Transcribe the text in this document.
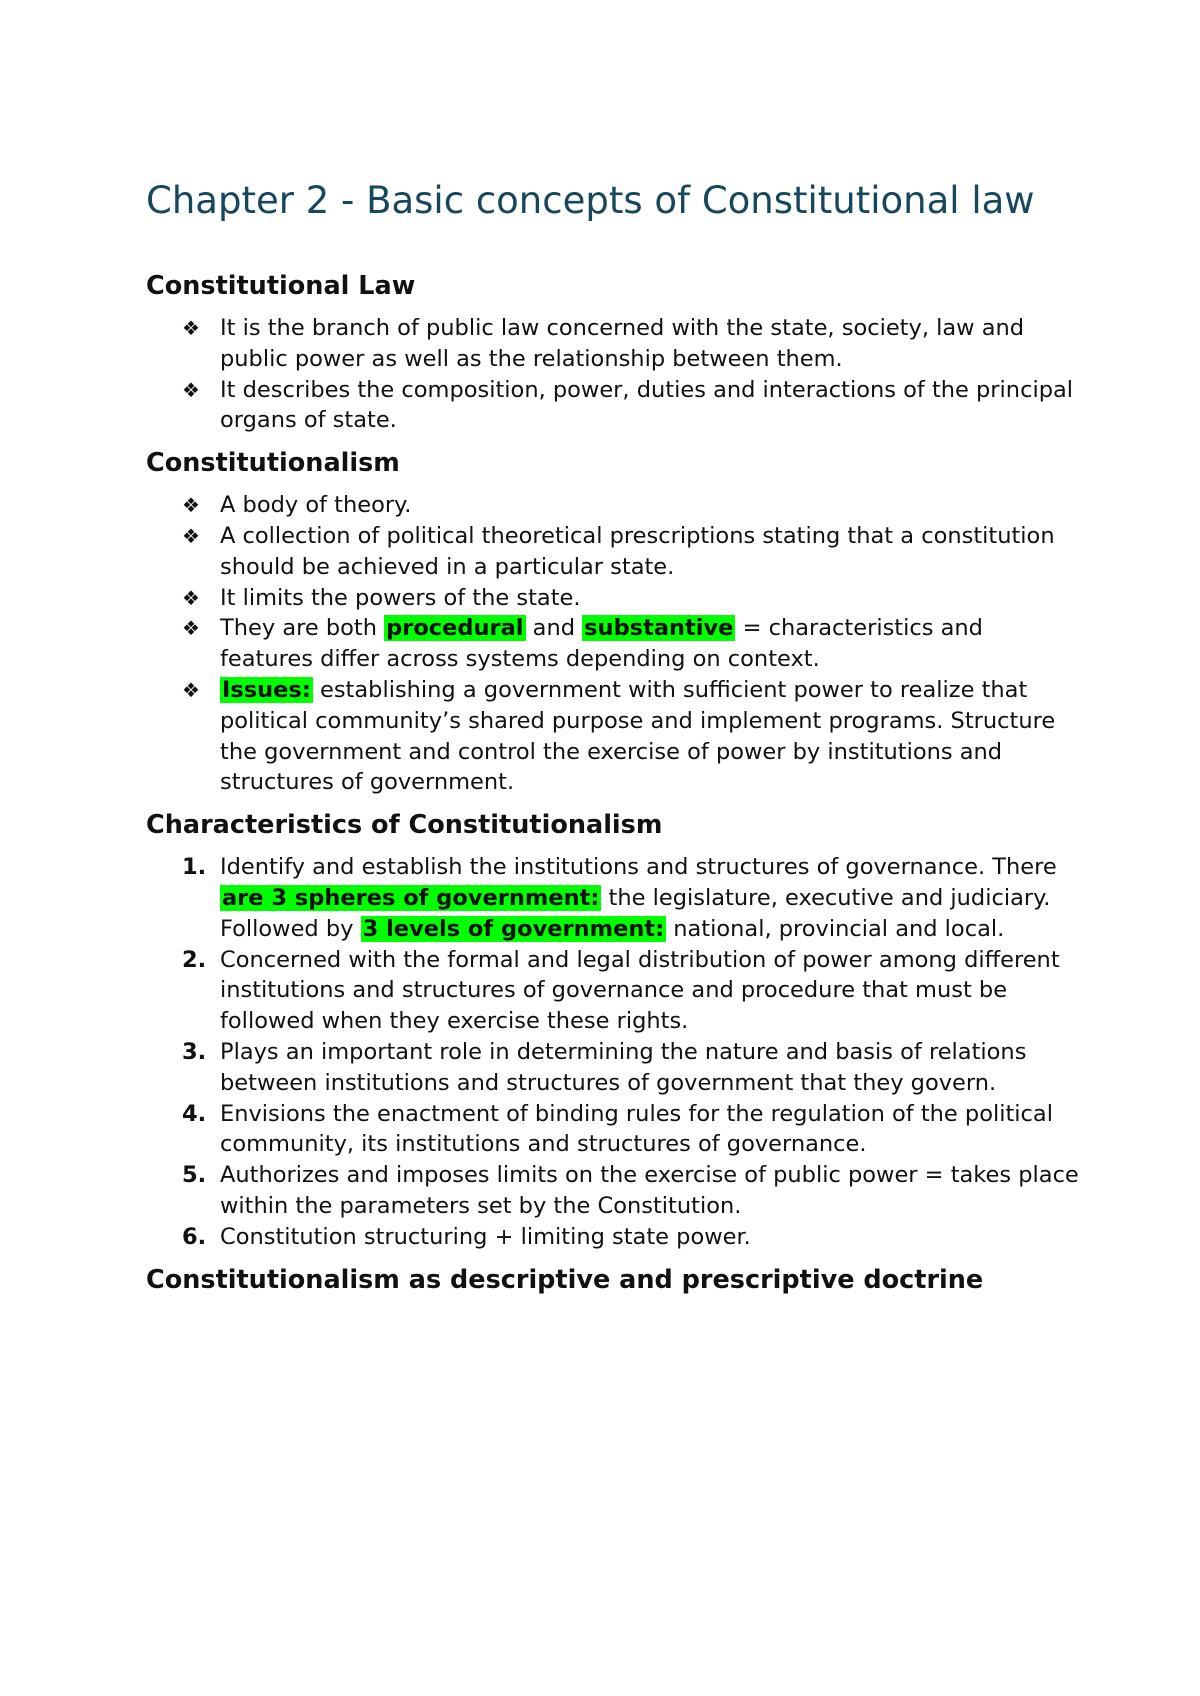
Chapter 2 - Basic concepts of Constitutional law
Constitutional Law
❖ It is the branch of public law concerned with the state, society, law and public power as well as the relationship between them.
❖ It describes the composition, power, duties and interactions of the principal organs of state.
Constitutionalism
❖ A body of theory.
❖ A collection of political theoretical prescriptions stating that a constitution should be achieved in a particular state.
❖ It limits the powers of the state.
❖ They are both procedural and substantive = characteristics and features differ across systems depending on context.
❖ Issues: establishing a government with sufficient power to realize that political community’s shared purpose and implement programs. Structure the government and control the exercise of power by institutions and structures of government.
Characteristics of Constitutionalism
1. Identify and establish the institutions and structures of governance. There are 3 spheres of government: the legislature, executive and judiciary. Followed by 3 levels of government: national, provincial and local.
2. Concerned with the formal and legal distribution of power among different institutions and structures of governance and procedure that must be followed when they exercise these rights.
3. Plays an important role in determining the nature and basis of relations between institutions and structures of government that they govern.
4. Envisions the enactment of binding rules for the regulation of the political community, its institutions and structures of governance.
5. Authorizes and imposes limits on the exercise of public power = takes place within the parameters set by the Constitution.
6. Constitution structuring + limiting state power.
Constitutionalism as descriptive and prescriptive doctrine
